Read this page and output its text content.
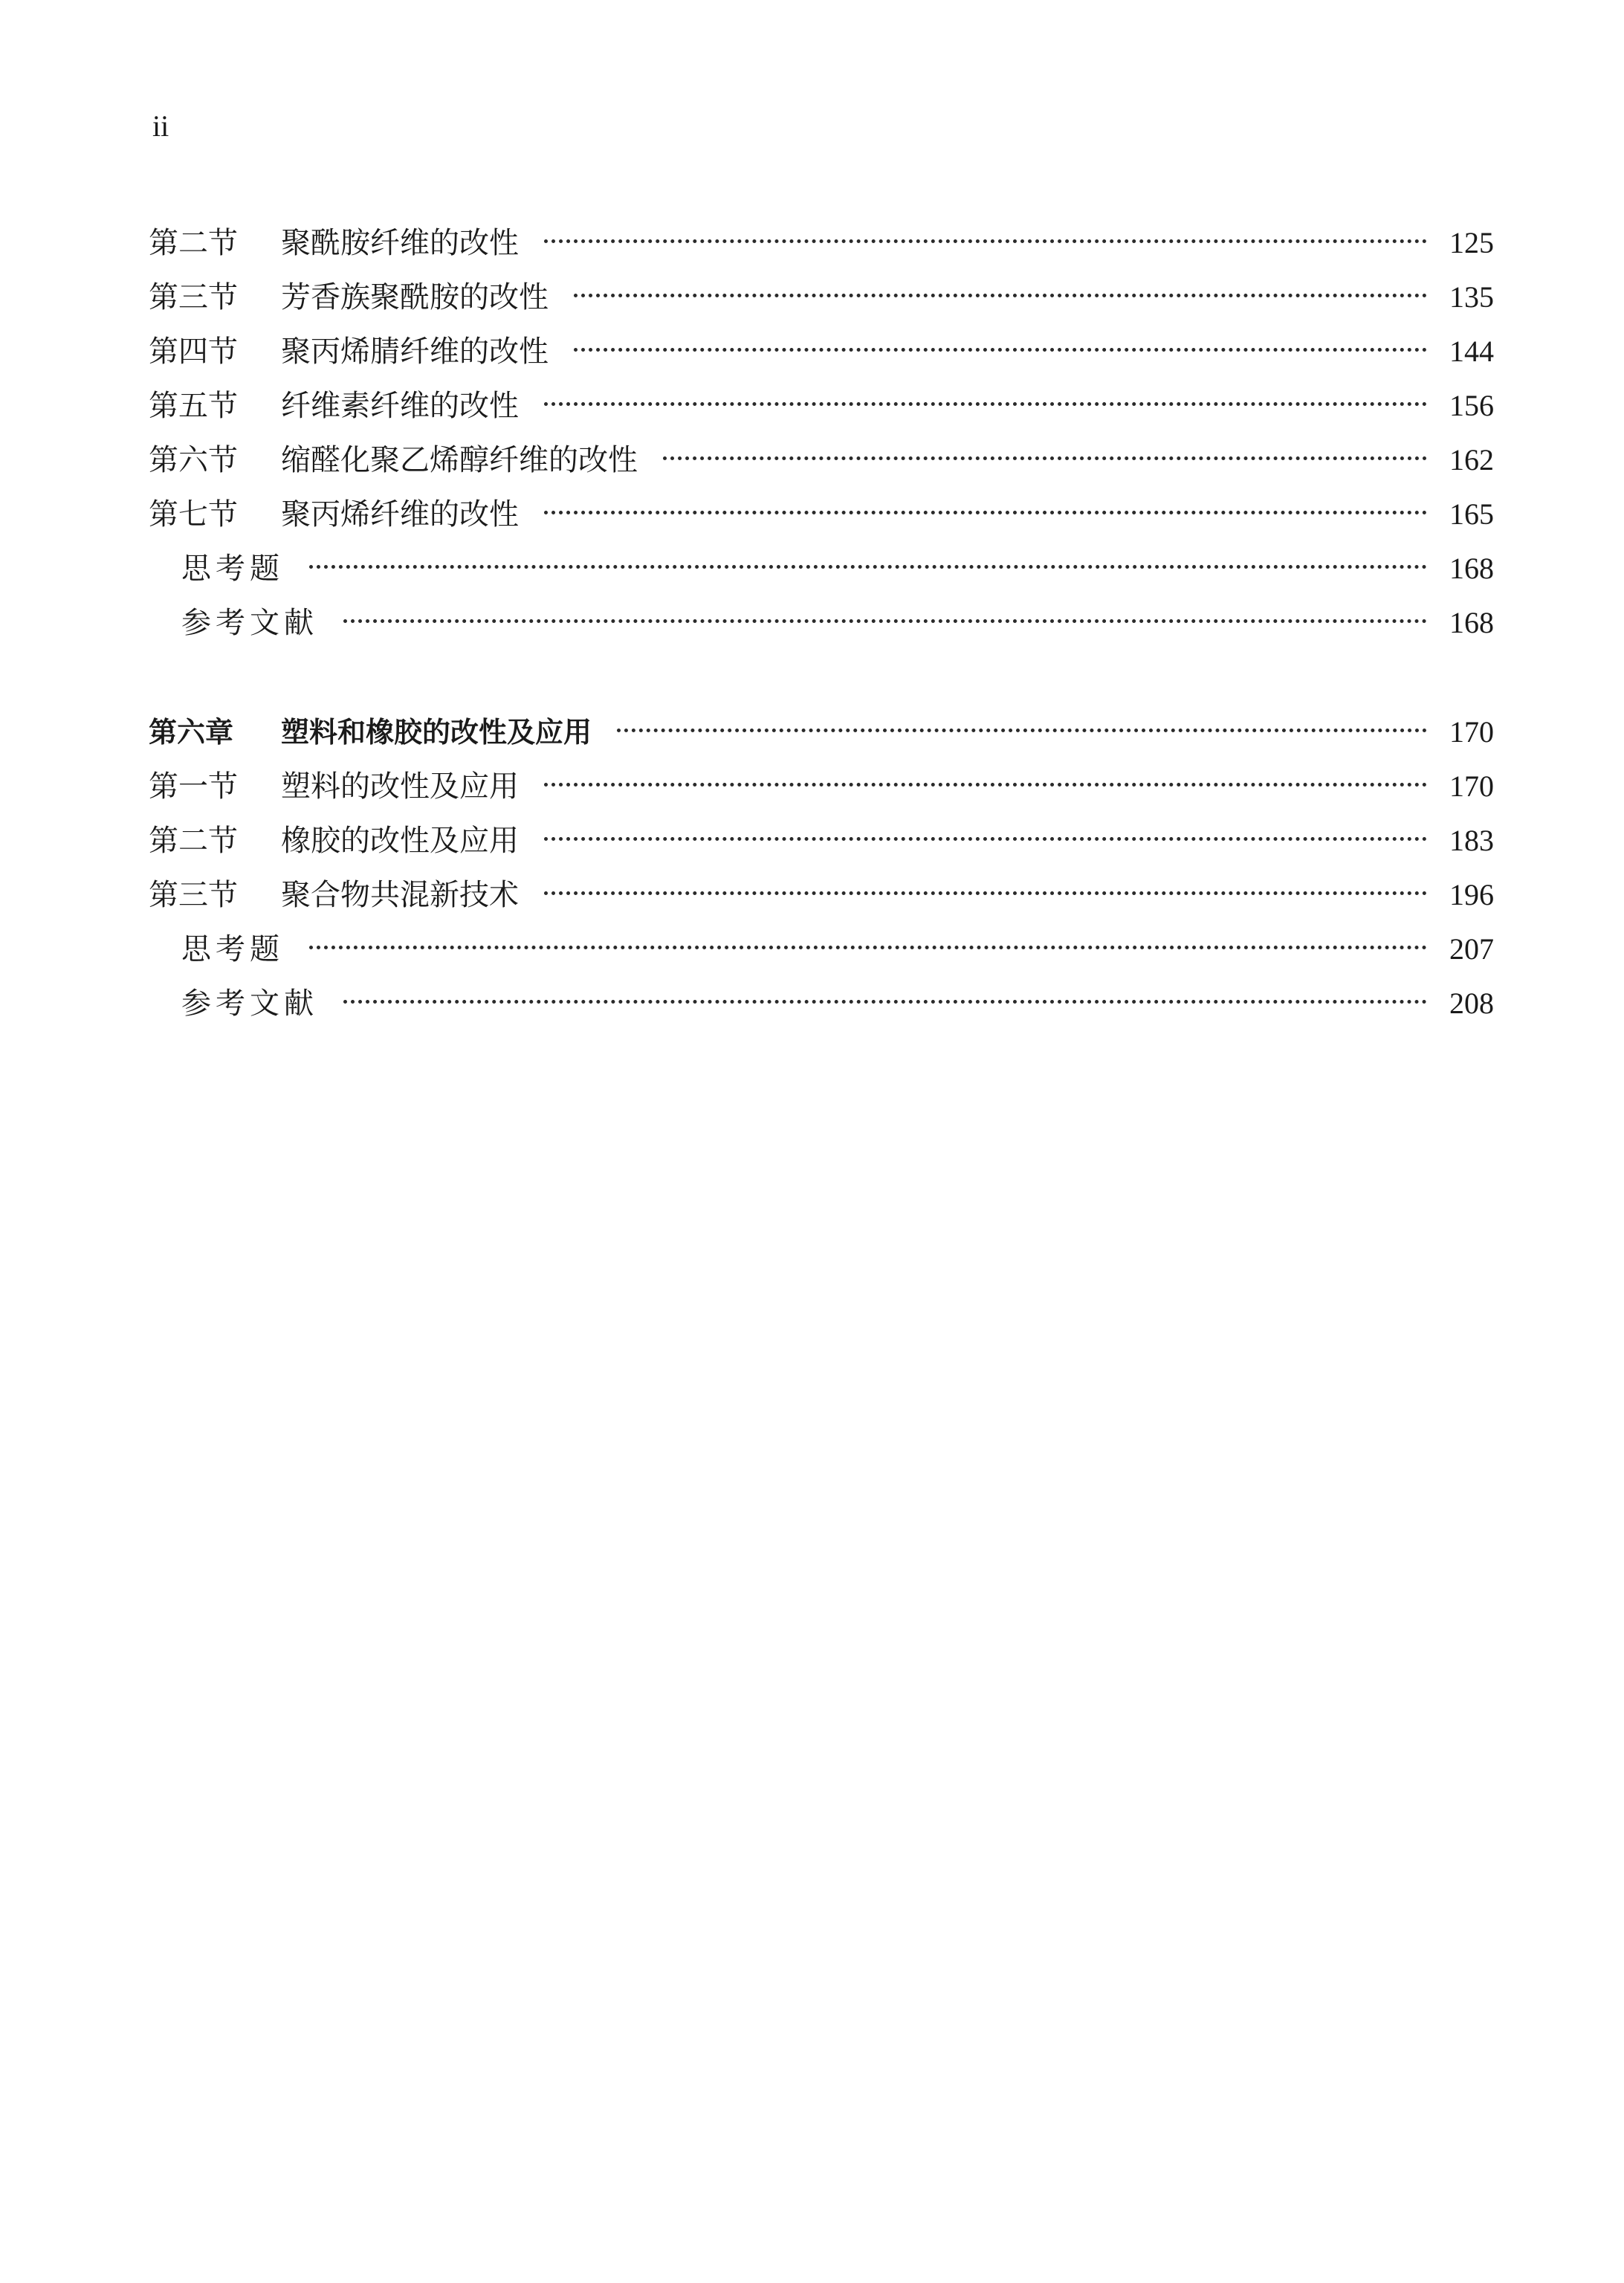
ii
第二节	聚酰胺纤维的改性	125
第三节	芳香族聚酰胺的改性	135
第四节	聚丙烯腈纤维的改性	144
第五节	纤维素纤维的改性	156
第六节	缩醛化聚乙烯醇纤维的改性	162
第七节	聚丙烯纤维的改性	165
思考题	168
参考文献	168
第六章	塑料和橡胶的改性及应用	170
第一节	塑料的改性及应用	170
第二节	橡胶的改性及应用	183
第三节	聚合物共混新技术	196
思考题	207
参考文献	208
